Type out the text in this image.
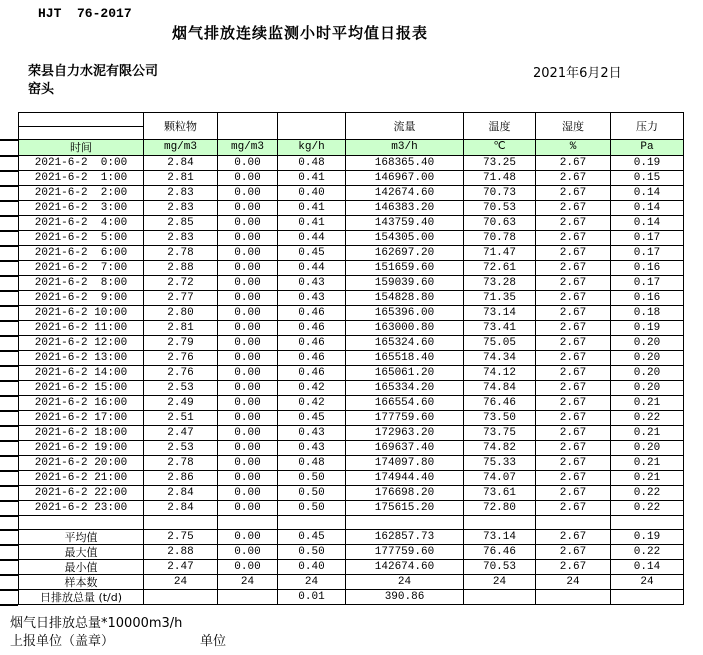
HJT  76-2017
烟气排放连续监测小时平均值日报表
荣县自力水泥有限公司	2021年6月2日
窑头
	颗粒物			流量	温度	湿度	压力

时间	mg/m3	mg/m3	kg/h	m3/h	℃	%	Pa
2021-6-2  0:00	2.84	0.00	0.48	168365.40	73.25	2.67	0.19
2021-6-2  1:00	2.81	0.00	0.41	146967.00	71.48	2.67	0.15
2021-6-2  2:00	2.83	0.00	0.40	142674.60	70.73	2.67	0.14
2021-6-2  3:00	2.83	0.00	0.41	146383.20	70.53	2.67	0.14
2021-6-2  4:00	2.85	0.00	0.41	143759.40	70.63	2.67	0.14
2021-6-2  5:00	2.83	0.00	0.44	154305.00	70.78	2.67	0.17
2021-6-2  6:00	2.78	0.00	0.45	162697.20	71.47	2.67	0.17
2021-6-2  7:00	2.88	0.00	0.44	151659.60	72.61	2.67	0.16
2021-6-2  8:00	2.72	0.00	0.43	159039.60	73.28	2.67	0.17
2021-6-2  9:00	2.77	0.00	0.43	154828.80	71.35	2.67	0.16
2021-6-2 10:00	2.80	0.00	0.46	165396.00	73.14	2.67	0.18
2021-6-2 11:00	2.81	0.00	0.46	163000.80	73.41	2.67	0.19
2021-6-2 12:00	2.79	0.00	0.46	165324.60	75.05	2.67	0.20
2021-6-2 13:00	2.76	0.00	0.46	165518.40	74.34	2.67	0.20
2021-6-2 14:00	2.76	0.00	0.46	165061.20	74.12	2.67	0.20
2021-6-2 15:00	2.53	0.00	0.42	165334.20	74.84	2.67	0.20
2021-6-2 16:00	2.49	0.00	0.42	166554.60	76.46	2.67	0.21
2021-6-2 17:00	2.51	0.00	0.45	177759.60	73.50	2.67	0.22
2021-6-2 18:00	2.47	0.00	0.43	172963.20	73.75	2.67	0.21
2021-6-2 19:00	2.53	0.00	0.43	169637.40	74.82	2.67	0.20
2021-6-2 20:00	2.78	0.00	0.48	174097.80	75.33	2.67	0.21
2021-6-2 21:00	2.86	0.00	0.50	174944.40	74.07	2.67	0.21
2021-6-2 22:00	2.84	0.00	0.50	176698.20	73.61	2.67	0.22
2021-6-2 23:00	2.84	0.00	0.50	175615.20	72.80	2.67	0.22

平均值	2.75	0.00	0.45	162857.73	73.14	2.67	0.19
最大值	2.88	0.00	0.50	177759.60	76.46	2.67	0.22
最小值	2.47	0.00	0.40	142674.60	70.53	2.67	0.14
样本数	24	24	24	24	24	24	24
日排放总量 (t/d)			0.01	390.86			
烟气日排放总量*10000m3/h
上报单位（盖章）	单位
